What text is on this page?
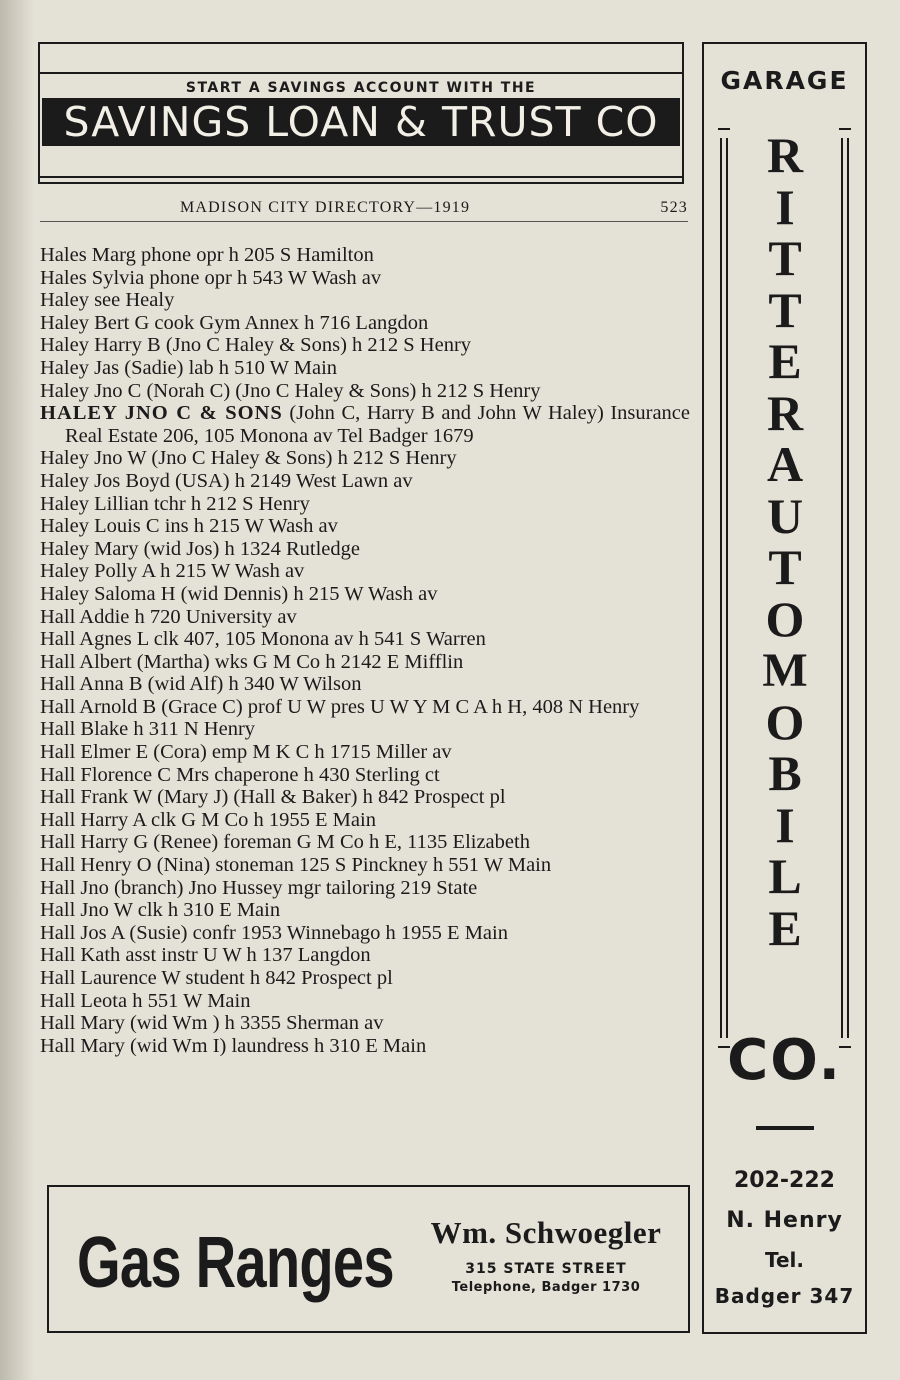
START A SAVINGS ACCOUNT WITH THE
SAVINGS LOAN & TRUST CO
MADISON CITY DIRECTORY—1919	523
Hales Marg phone opr h 205 S Hamilton
Hales Sylvia phone opr h 543 W Wash av
Haley see Healy
Haley Bert G cook Gym Annex h 716 Langdon
Haley Harry B (Jno C Haley & Sons) h 212 S Henry
Haley Jas (Sadie) lab h 510 W Main
Haley Jno C (Norah C) (Jno C Haley & Sons) h 212 S Henry
HALEY JNO C & SONS (John C, Harry B and John W Haley) Insurance Real Estate 206, 105 Monona av Tel Badger 1679
Haley Jno W (Jno C Haley & Sons) h 212 S Henry
Haley Jos Boyd (USA) h 2149 West Lawn av
Haley Lillian tchr h 212 S Henry
Haley Louis C ins h 215 W Wash av
Haley Mary (wid Jos) h 1324 Rutledge
Haley Polly A h 215 W Wash av
Haley Saloma H (wid Dennis) h 215 W Wash av
Hall Addie h 720 University av
Hall Agnes L clk 407, 105 Monona av h 541 S Warren
Hall Albert (Martha) wks G M Co h 2142 E Mifflin
Hall Anna B (wid Alf) h 340 W Wilson
Hall Arnold B (Grace C) prof U W pres U W Y M C A h H, 408 N Henry
Hall Blake h 311 N Henry
Hall Elmer E (Cora) emp M K C h 1715 Miller av
Hall Florence C Mrs chaperone h 430 Sterling ct
Hall Frank W (Mary J) (Hall & Baker) h 842 Prospect pl
Hall Harry A clk G M Co h 1955 E Main
Hall Harry G (Renee) foreman G M Co h E, 1135 Elizabeth
Hall Henry O (Nina) stoneman 125 S Pinckney h 551 W Main
Hall Jno (branch) Jno Hussey mgr tailoring 219 State
Hall Jno W clk h 310 E Main
Hall Jos A (Susie) confr 1953 Winnebago h 1955 E Main
Hall Kath asst instr U W h 137 Langdon
Hall Laurence W student h 842 Prospect pl
Hall Leota h 551 W Main
Hall Mary (wid Wm ) h 3355 Sherman av
Hall Mary (wid Wm I) laundress h 310 E Main
Gas Ranges	Wm. Schwoegler
315 STATE STREET
Telephone, Badger 1730
GARAGE
R
I
T
T
E
R
A
U
T
O
M
O
B
I
L
E
CO.
202-222
N. Henry
Tel.
Badger 347
